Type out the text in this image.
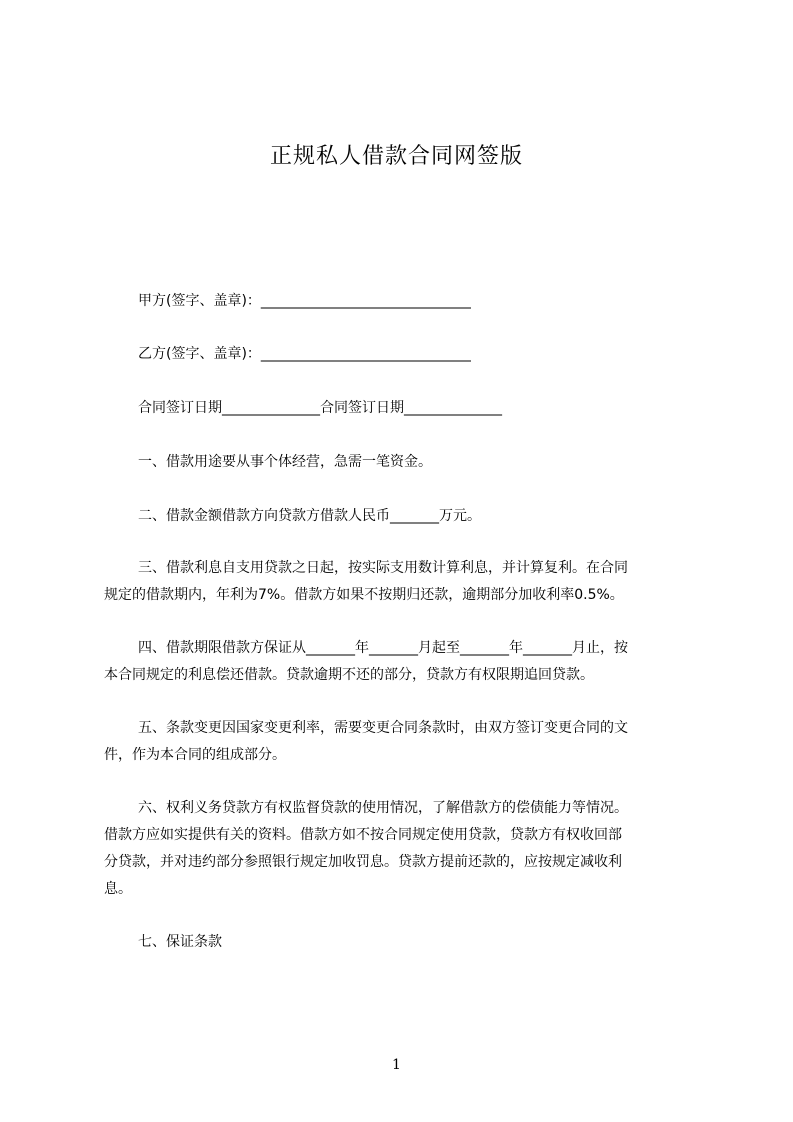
正规私人借款合同网签版
甲方(签字、盖章)：______________________________
乙方(签字、盖章)：______________________________
合同签订日期______________合同签订日期______________
一、借款用途要从事个体经营，急需一笔资金。
二、借款金额借款方向贷款方借款人民币_______万元。
三、借款利息自支用贷款之日起，按实际支用数计算利息，并计算复利。在合同
规定的借款期内，年利为7%。借款方如果不按期归还款，逾期部分加收利率0.5%。
四、借款期限借款方保证从_______年_______月起至_______年_______月止，按
本合同规定的利息偿还借款。贷款逾期不还的部分，贷款方有权限期追回贷款。
五、条款变更因国家变更利率，需要变更合同条款时，由双方签订变更合同的文
件，作为本合同的组成部分。
六、权利义务贷款方有权监督贷款的使用情况，了解借款方的偿债能力等情况。
借款方应如实提供有关的资料。借款方如不按合同规定使用贷款，贷款方有权收回部
分贷款，并对违约部分参照银行规定加收罚息。贷款方提前还款的，应按规定减收利
息。
七、保证条款
1
